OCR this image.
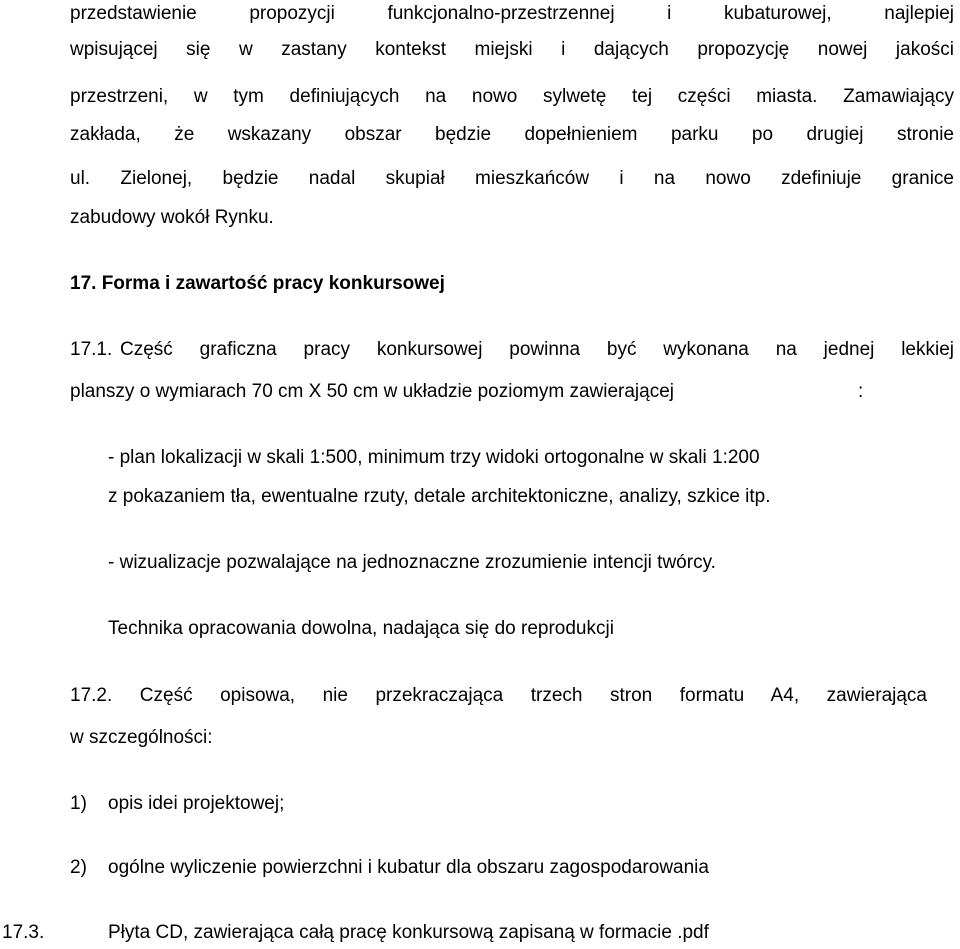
przedstawienie propozycji funkcjonalno-przestrzennej i kubaturowej, najlepiej
wpisującej się w zastany kontekst miejski i dających propozycję nowej jakości
przestrzeni, w tym definiujących na nowo sylwetę tej części miasta. Zamawiający
zakłada, że wskazany obszar będzie dopełnieniem parku po drugiej stronie
ul. Zielonej, będzie nadal skupiał mieszkańców i na nowo zdefiniuje granice
zabudowy wokół Rynku.
17. Forma i zawartość pracy konkursowej
17.1. Część graficzna pracy konkursowej powinna być wykonana na jednej lekkiej
planszy o wymiarach 70 cm X 50 cm w układzie poziomym zawierającej	:
- plan lokalizacji w skali 1:500, minimum trzy widoki ortogonalne w skali 1:200
z pokazaniem tła, ewentualne rzuty, detale architektoniczne, analizy, szkice itp.
- wizualizacje pozwalające na jednoznaczne zrozumienie intencji twórcy.
Technika opracowania dowolna, nadająca się do reprodukcji
17.2.	Część opisowa, nie przekraczająca trzech stron formatu A4, zawierająca
w szczególności:
1) opis idei projektowej;
2) ogólne wyliczenie powierzchni i kubatur dla obszaru zagospodarowania
17.3.	Płyta CD, zawierająca całą pracę konkursową zapisaną w formacie .pdf
